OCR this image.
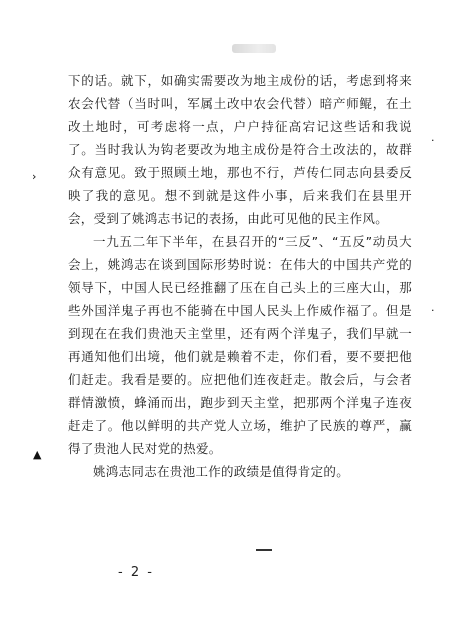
下的话。就下，如确实需要改为地主成份的话，考虑到将来农会代替（当时叫，军属土改中农会代替）暗产师鲲，在土改土地时，可考虑将一点，户户持征高宕记这些话和我说了。当时我认为钩老要改为地主成份是符合土改法的，故群众有意见。致于照顾土地，那也不行，芦传仁同志向县委反映了我的意见。想不到就是这件小事，后来我们在县里开会，受到了姚鸿志书记的表扬，由此可见他的民主作风。

一九五二年下半年，在县召开的“三反”、“五反”动员大会上，姚鸿志在谈到国际形势时说：在伟大的中国共产党的领导下，中国人民已经推翻了压在自己头上的三座大山，那些外国洋鬼子再也不能骑在中国人民头上作威作福了。但是到现在在我们贵池天主堂里，还有两个洋鬼子，我们早就一再通知他们出境，他们就是赖着不走，你们看，要不要把他们赶走。我看是要的。应把他们连夜赶走。散会后，与会者群情激愤，蜂涌而出，跑步到天主堂，把那两个洋鬼子连夜赶走了。他以鲜明的共产党人立场，维护了民族的尊严，赢得了贵池人民对党的热爱。

姚鸿志同志在贵池工作的政绩是值得肯定的。

›
·
·
▲
- 2 -
